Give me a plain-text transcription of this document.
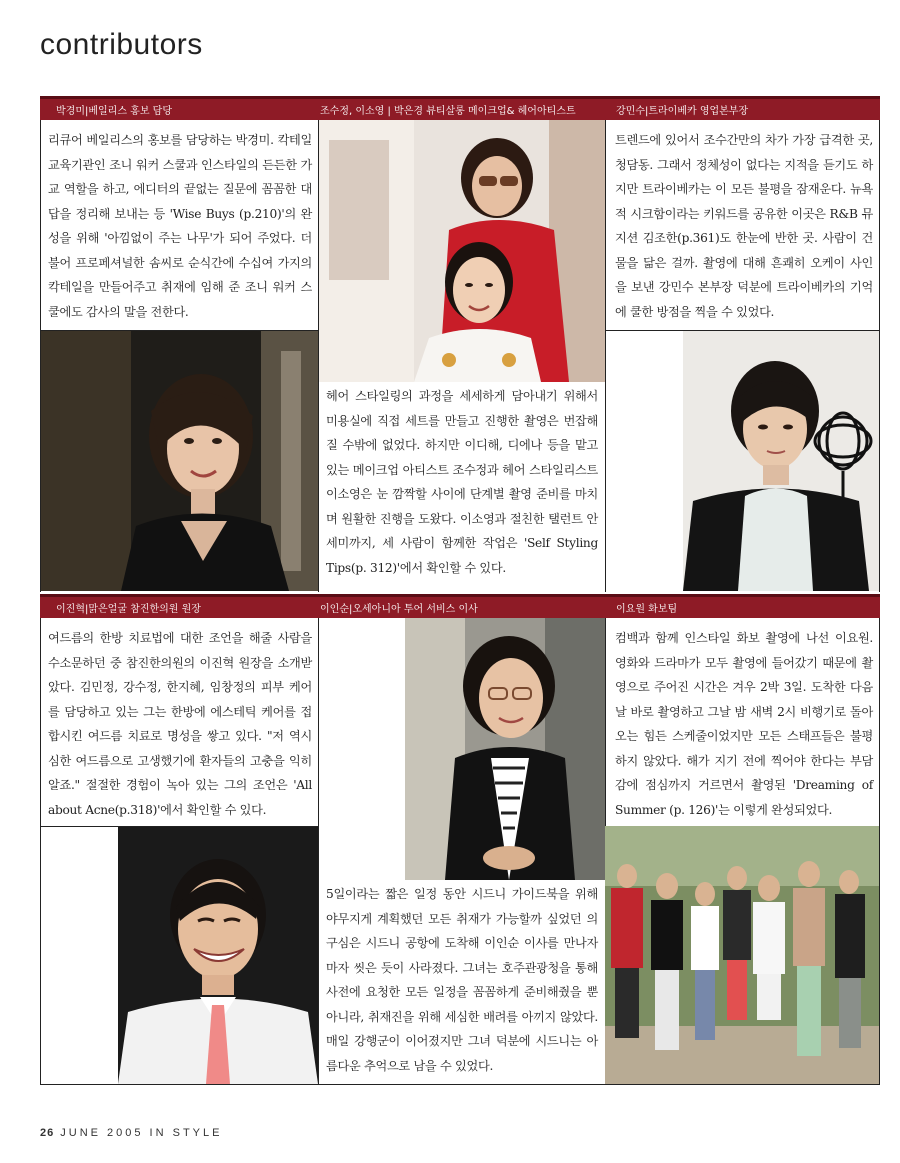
contributors
박경미|베일리스 홍보 담당	조수정, 이소영 | 박은경 뷰티살롱 메이크업& 헤어아티스트	강민수|트라이베카 영업본부장

리큐어 베일리스의 홍보를 담당하는 박경미. 칵테일 교육기관인 조니 워커 스쿨과 인스타일의 든든한 가교 역할을 하고, 에디터의 끝없는 질문에 꼼꼼한 대답을 정리해 보내는 등 'Wise Buys (p.210)'의 완성을 위해 '아낌없이 주는 나무'가 되어 주었다. 더불어 프로페셔널한 솜씨로 순식간에 수십여 가지의 칵테일을 만들어주고 취재에 임해 준 조니 워커 스쿨에도 감사의 말을 전한다.

헤어 스타일링의 과정을 세세하게 담아내기 위해서 미용실에 직접 세트를 만들고 진행한 촬영은 번잡해질 수밖에 없었다. 하지만 이디해, 디에나 등을 맡고 있는 메이크업 아티스트 조수정과 헤어 스타일리스트 이소영은 눈 깜짝할 사이에 단계별 촬영 준비를 마치며 원활한 진행을 도왔다. 이소영과 절친한 탤런트 안세미까지, 세 사람이 함께한 작업은 'Self Styling Tips(p. 312)'에서 확인할 수 있다.

트렌드에 있어서 조수간만의 차가 가장 급격한 곳, 청담동. 그래서 정체성이 없다는 지적을 듣기도 하지만 트라이베카는 이 모든 불평을 잠재운다. 뉴욕적 시크함이라는 키워드를 공유한 이곳은 R&B 뮤지션 김조한(p.361)도 한눈에 반한 곳. 사람이 건물을 닮은 걸까. 촬영에 대해 흔쾌히 오케이 사인을 보낸 강민수 본부장 덕분에 트라이베카의 기억에 쿨한 방점을 찍을 수 있었다.

이진혁|맑은얼굴 참진한의원 원장	이인순|오세아니아 투어 서비스 이사	이요원 화보팀

여드름의 한방 치료법에 대한 조언을 해줄 사람을 수소문하던 중 참진한의원의 이진혁 원장을 소개받았다. 김민정, 강수정, 한지혜, 임창정의 피부 케어를 담당하고 있는 그는 한방에 에스테틱 케어를 접합시킨 여드름 치료로 명성을 쌓고 있다. "저 역시 심한 여드름으로 고생했기에 환자들의 고충을 익히 알죠." 절절한 경험이 녹아 있는 그의 조언은 'All about Acne(p.318)'에서 확인할 수 있다.

5일이라는 짧은 일정 동안 시드니 가이드북을 위해 야무지게 계획했던 모든 취재가 가능할까 싶었던 의구심은 시드니 공항에 도착해 이인순 이사를 만나자마자 씻은 듯이 사라졌다. 그녀는 호주관광청을 통해 사전에 요청한 모든 일정을 꼼꼼하게 준비해줬을 뿐 아니라, 취재진을 위해 세심한 배려를 아끼지 않았다. 매일 강행군이 이어졌지만 그녀 덕분에 시드니는 아름다운 추억으로 남을 수 있었다.

컴백과 함께 인스타일 화보 촬영에 나선 이요원. 영화와 드라마가 모두 촬영에 들어갔기 때문에 촬영으로 주어진 시간은 겨우 2박 3일. 도착한 다음날 바로 촬영하고 그날 밤 새벽 2시 비행기로 돌아오는 힘든 스케줄이었지만 모든 스태프들은 불평하지 않았다. 해가 지기 전에 찍어야 한다는 부담감에 점심까지 거르면서 촬영된 'Dreaming of Summer (p. 126)'는 이렇게 완성되었다.

26 JUNE 2005 IN STYLE
